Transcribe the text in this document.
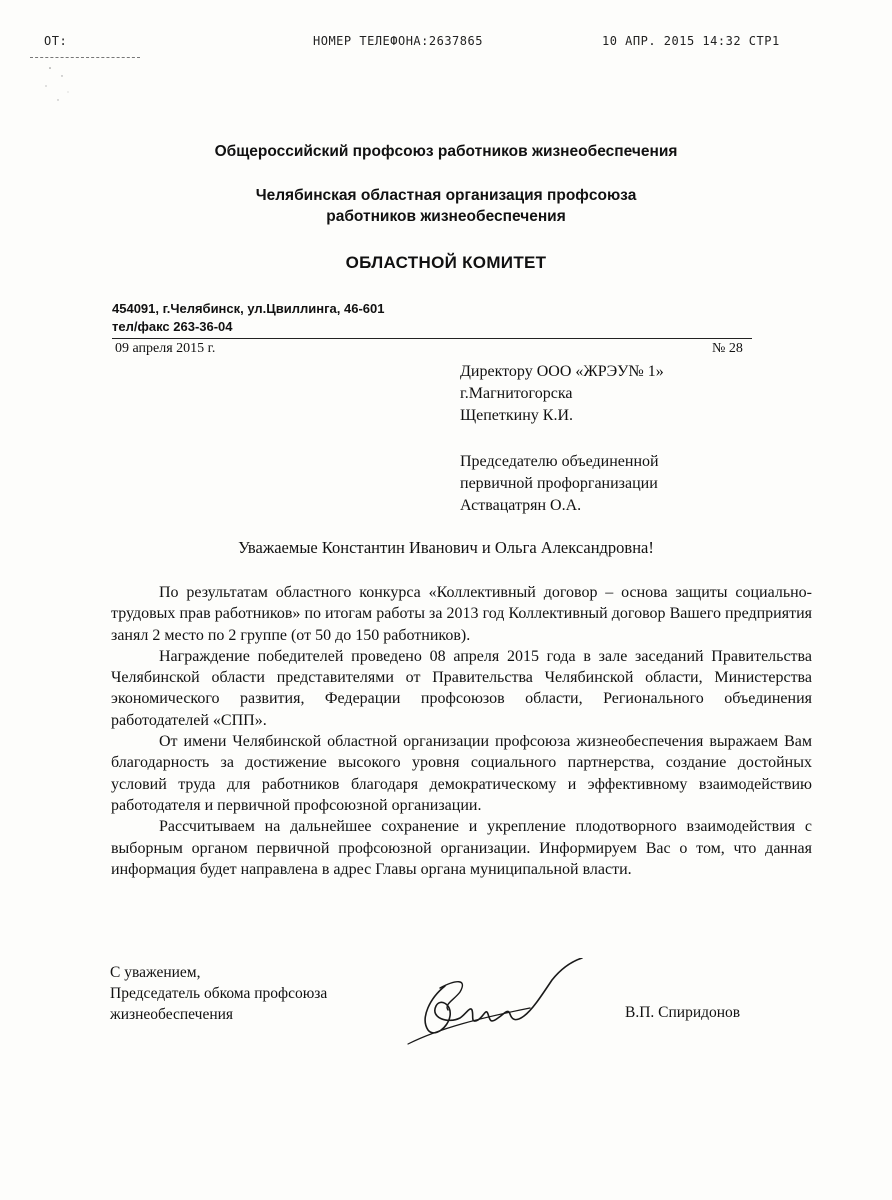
ОТ:	НОМЕР ТЕЛЕФОНА:2637865	10 АПР. 2015 14:32 СТР1
Общероссийский профсоюз работников жизнеобеспечения
Челябинская областная организация профсоюза
работников жизнеобеспечения
ОБЛАСТНОЙ КОМИТЕТ
454091, г.Челябинск, ул.Цвиллинга, 46-601
тел/факс 263-36-04
09 апреля 2015 г.	№ 28
Директору ООО «ЖРЭУ№ 1»
г.Магнитогорска
Щепеткину К.И.
Председателю объединенной
первичной профорганизации
Аствацатрян О.А.
Уважаемые Константин Иванович и Ольга Александровна!

По результатам областного конкурса «Коллективный договор – основа защиты социально-трудовых прав работников» по итогам работы за 2013 год Коллективный договор Вашего предприятия занял 2 место по 2 группе (от 50 до 150 работников).

Награждение победителей проведено 08 апреля 2015 года в зале заседаний Правительства Челябинской области представителями от Правительства Челябинской области, Министерства экономического развития, Федерации профсоюзов области, Регионального объединения работодателей «СПП».

От имени Челябинской областной организации профсоюза жизнеобеспечения выражаем Вам благодарность за достижение высокого уровня социального партнерства, создание достойных условий труда для работников благодаря демократическому и эффективному взаимодействию работодателя и первичной профсоюзной организации.

Рассчитываем на дальнейшее сохранение и укрепление плодотворного взаимодействия с выборным органом первичной профсоюзной организации. Информируем Вас о том, что данная информация будет направлена в адрес Главы органа муниципальной власти.

С уважением,
Председатель обкома профсоюза
жизнеобеспечения	В.П. Спиридонов
